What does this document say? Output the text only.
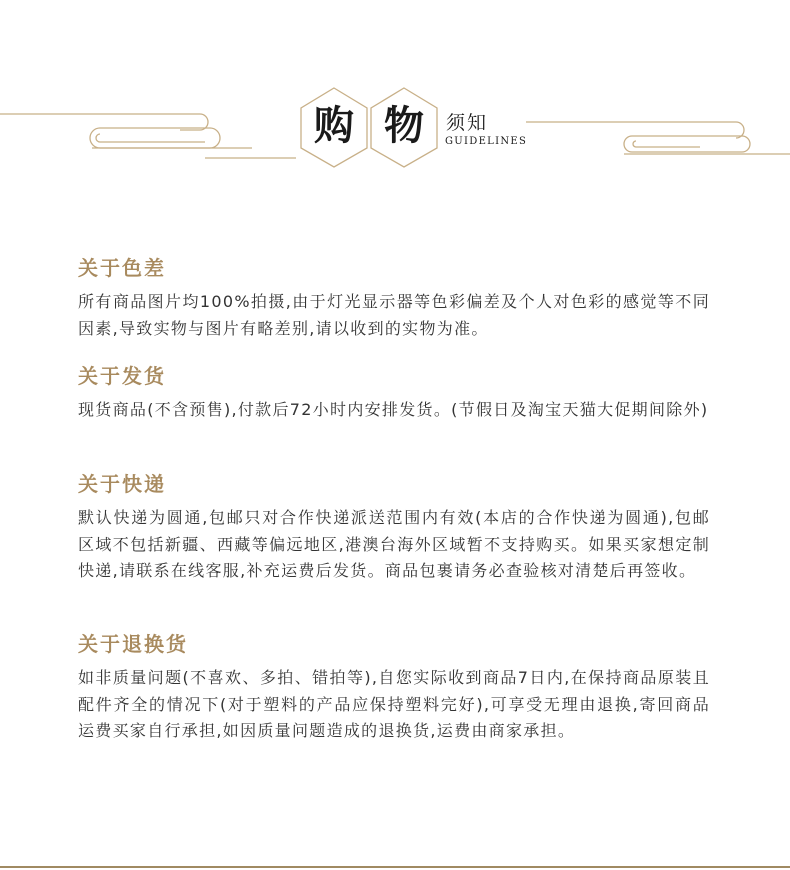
购 物	须知
GUIDELINES
关于色差

所有商品图片均100%拍摄,由于灯光显示器等色彩偏差及个人对色彩的感觉等不同因素,导致实物与图片有略差别,请以收到的实物为准。

关于发货

现货商品(不含预售),付款后72小时内安排发货。(节假日及淘宝天猫大促期间除外)

关于快递

默认快递为圆通,包邮只对合作快递派送范围内有效(本店的合作快递为圆通),包邮区域不包括新疆、西藏等偏远地区,港澳台海外区域暂不支持购买。如果买家想定制快递,请联系在线客服,补充运费后发货。商品包裹请务必查验核对清楚后再签收。

关于退换货

如非质量问题(不喜欢、多拍、错拍等),自您实际收到商品7日内,在保持商品原装且配件齐全的情况下(对于塑料的产品应保持塑料完好),可享受无理由退换,寄回商品运费买家自行承担,如因质量问题造成的退换货,运费由商家承担。
